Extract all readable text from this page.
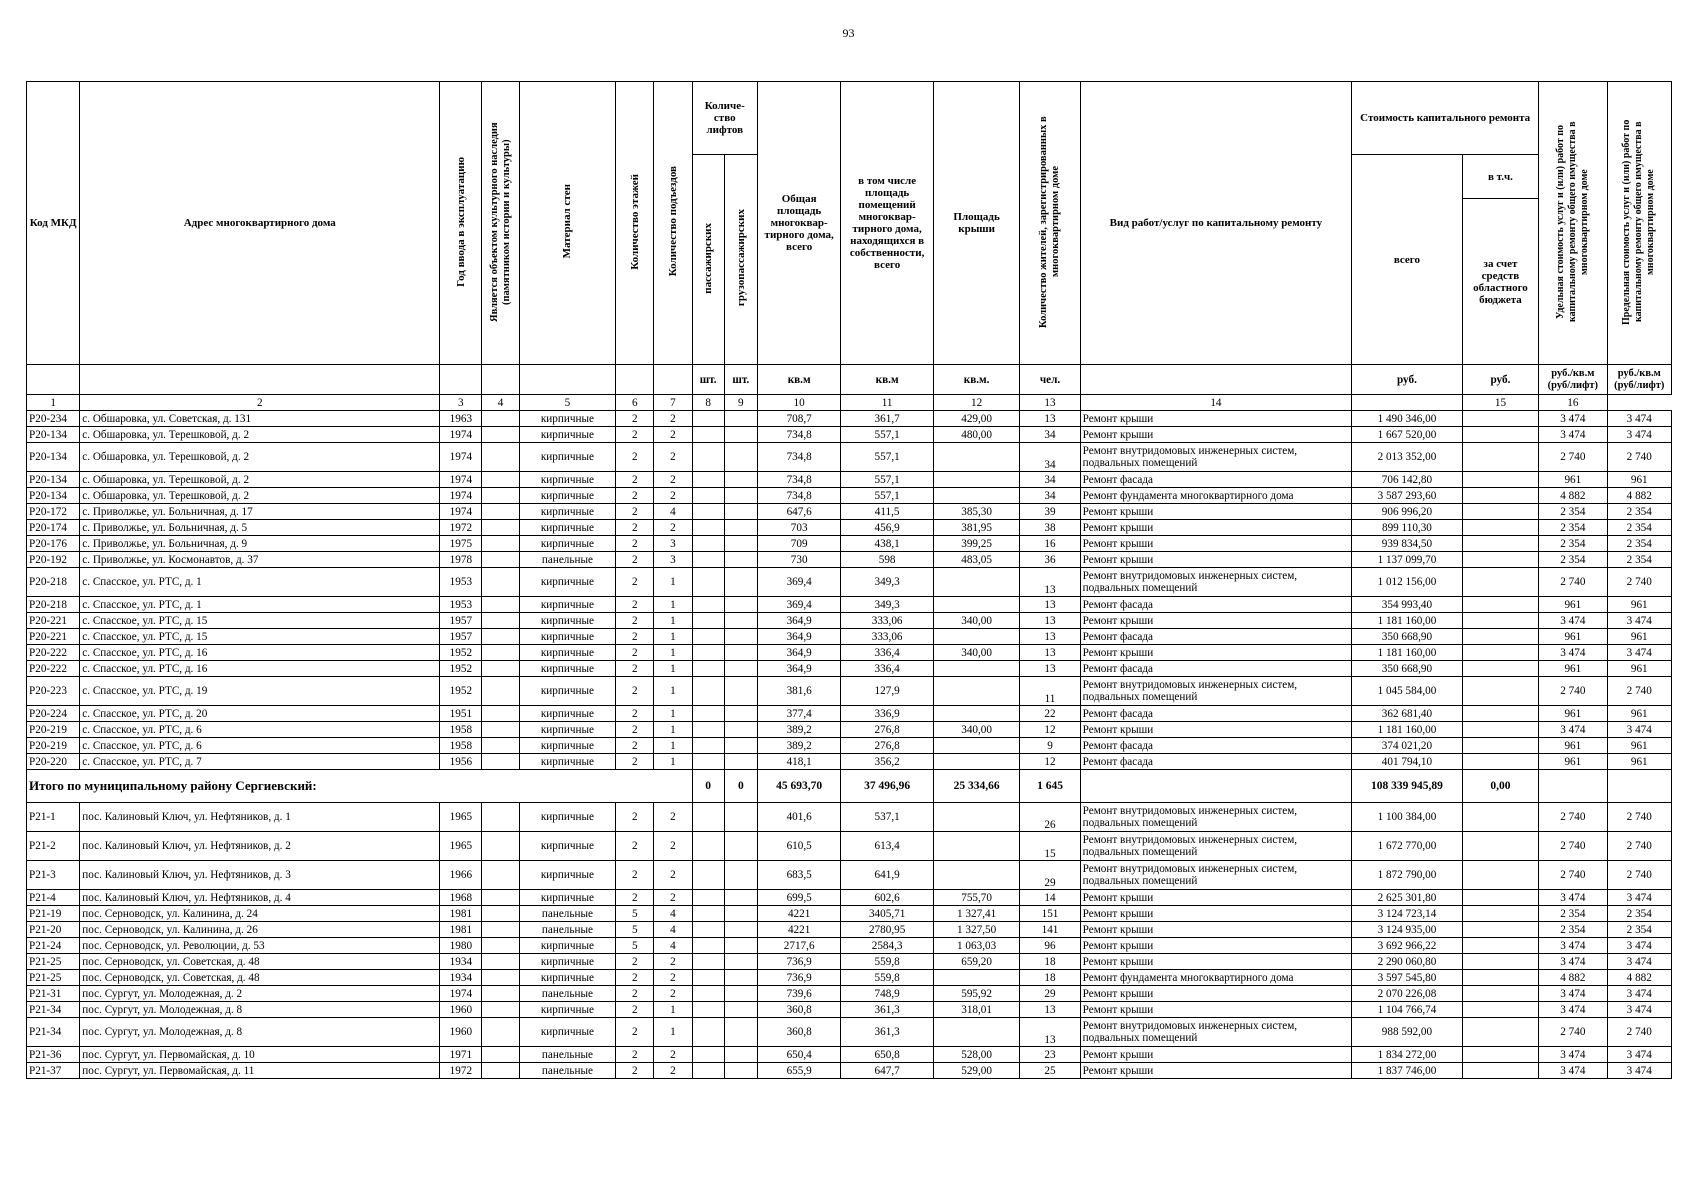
93
Код МКД	Адрес многоквартирного дома	Год ввода в эксплуатацию	Является объектом культурного наследия (памятником истории и культуры)	Материал стен	Количество этажей	Количество подъездов	Количе- ство лифтов		Общая площадь многоквар- тирного дома, всего	в том числе площадь помещений многоквар- тирного дома, находящихся в собственности, всего	Площадь крыши	Количество жителей, зарегистрированных в многоквартирном доме	Вид работ/услуг по капитальному ремонту	Стоимость капитального ремонта		Удельная стоимость услуг и (или) работ по капитальному ремонту общего имущества в многоквартирном доме	Предельная стоимость услуг и (или) работ по капитальному ремонту общего имущества в многоквартирном доме
							пассажирских	грузопассажирских						всего	в т.ч.		
															за счет средств областного бюджета		
							шт.	шт.	кв.м	кв.м	кв.м.	чел.		руб.	руб.	руб./кв.м (руб/лифт)	руб./кв.м (руб/лифт)
1	2	3	4	5	6	7	8	9	10	11	12	13	14		15	16	
Р20-234	с. Обшаровка, ул. Советская, д. 131	1963		кирпичные	2	2			708,7	361,7	429,00	13	Ремонт крыши	1 490 346,00		3 474	3 474
Р20-134	с. Обшаровка, ул. Терешковой, д. 2	1974		кирпичные	2	2			734,8	557,1	480,00	34	Ремонт крыши	1 667 520,00		3 474	3 474
Р20-134	с. Обшаровка, ул. Терешковой, д. 2	1974		кирпичные	2	2			734,8	557,1		34	Ремонт внутридомовых инженерных систем, подвальных помещений	2 013 352,00		2 740	2 740
Р20-134	с. Обшаровка, ул. Терешковой, д. 2	1974		кирпичные	2	2			734,8	557,1		34	Ремонт фасада	706 142,80		961	961
Р20-134	с. Обшаровка, ул. Терешковой, д. 2	1974		кирпичные	2	2			734,8	557,1		34	Ремонт фундамента многоквартирного дома	3 587 293,60		4 882	4 882
Р20-172	с. Приволжье, ул. Больничная, д. 17	1974		кирпичные	2	4			647,6	411,5	385,30	39	Ремонт крыши	906 996,20		2 354	2 354
Р20-174	с. Приволжье, ул. Больничная, д. 5	1972		кирпичные	2	2			703	456,9	381,95	38	Ремонт крыши	899 110,30		2 354	2 354
Р20-176	с. Приволжье, ул. Больничная, д. 9	1975		кирпичные	2	3			709	438,1	399,25	16	Ремонт крыши	939 834,50		2 354	2 354
Р20-192	с. Приволжье, ул. Космонавтов, д. 37	1978		панельные	2	3			730	598	483,05	36	Ремонт крыши	1 137 099,70		2 354	2 354
Р20-218	с. Спасское, ул. РТС, д. 1	1953		кирпичные	2	1			369,4	349,3		13	Ремонт внутридомовых инженерных систем, подвальных помещений	1 012 156,00		2 740	2 740
Р20-218	с. Спасское, ул. РТС, д. 1	1953		кирпичные	2	1			369,4	349,3		13	Ремонт фасада	354 993,40		961	961
Р20-221	с. Спасское, ул. РТС, д. 15	1957		кирпичные	2	1			364,9	333,06	340,00	13	Ремонт крыши	1 181 160,00		3 474	3 474
Р20-221	с. Спасское, ул. РТС, д. 15	1957		кирпичные	2	1			364,9	333,06		13	Ремонт фасада	350 668,90		961	961
Р20-222	с. Спасское, ул. РТС, д. 16	1952		кирпичные	2	1			364,9	336,4	340,00	13	Ремонт крыши	1 181 160,00		3 474	3 474
Р20-222	с. Спасское, ул. РТС, д. 16	1952		кирпичные	2	1			364,9	336,4		13	Ремонт фасада	350 668,90		961	961
Р20-223	с. Спасское, ул. РТС, д. 19	1952		кирпичные	2	1			381,6	127,9		11	Ремонт внутридомовых инженерных систем, подвальных помещений	1 045 584,00		2 740	2 740
Р20-224	с. Спасское, ул. РТС, д. 20	1951		кирпичные	2	1			377,4	336,9		22	Ремонт фасада	362 681,40		961	961
Р20-219	с. Спасское, ул. РТС, д. 6	1958		кирпичные	2	1			389,2	276,8	340,00	12	Ремонт крыши	1 181 160,00		3 474	3 474
Р20-219	с. Спасское, ул. РТС, д. 6	1958		кирпичные	2	1			389,2	276,8		9	Ремонт фасада	374 021,20		961	961
Р20-220	с. Спасское, ул. РТС, д. 7	1956		кирпичные	2	1			418,1	356,2		12	Ремонт фасада	401 794,10		961	961
Итого по муниципальному району Сергиевский:							0	0	45 693,70	37 496,96	25 334,66	1 645		108 339 945,89	0,00		
Р21-1	пос. Калиновый Ключ, ул. Нефтяников, д. 1	1965		кирпичные	2	2			401,6	537,1		26	Ремонт внутридомовых инженерных систем, подвальных помещений	1 100 384,00		2 740	2 740
Р21-2	пос. Калиновый Ключ, ул. Нефтяников, д. 2	1965		кирпичные	2	2			610,5	613,4		15	Ремонт внутридомовых инженерных систем, подвальных помещений	1 672 770,00		2 740	2 740
Р21-3	пос. Калиновый Ключ, ул. Нефтяников, д. 3	1966		кирпичные	2	2			683,5	641,9		29	Ремонт внутридомовых инженерных систем, подвальных помещений	1 872 790,00		2 740	2 740
Р21-4	пос. Калиновый Ключ, ул. Нефтяников, д. 4	1968		кирпичные	2	2			699,5	602,6	755,70	14	Ремонт крыши	2 625 301,80		3 474	3 474
Р21-19	пос. Серноводск, ул. Калинина, д. 24	1981		панельные	5	4			4221	3405,71	1 327,41	151	Ремонт крыши	3 124 723,14		2 354	2 354
Р21-20	пос. Серноводск, ул. Калинина, д. 26	1981		панельные	5	4			4221	2780,95	1 327,50	141	Ремонт крыши	3 124 935,00		2 354	2 354
Р21-24	пос. Серноводск, ул. Революции, д. 53	1980		кирпичные	5	4			2717,6	2584,3	1 063,03	96	Ремонт крыши	3 692 966,22		3 474	3 474
Р21-25	пос. Серноводск, ул. Советская, д. 48	1934		кирпичные	2	2			736,9	559,8	659,20	18	Ремонт крыши	2 290 060,80		3 474	3 474
Р21-25	пос. Серноводск, ул. Советская, д. 48	1934		кирпичные	2	2			736,9	559,8		18	Ремонт фундамента многоквартирного дома	3 597 545,80		4 882	4 882
Р21-31	пос. Сургут, ул. Молодежная, д. 2	1974		панельные	2	2			739,6	748,9	595,92	29	Ремонт крыши	2 070 226,08		3 474	3 474
Р21-34	пос. Сургут, ул. Молодежная, д. 8	1960		кирпичные	2	1			360,8	361,3	318,01	13	Ремонт крыши	1 104 766,74		3 474	3 474
Р21-34	пос. Сургут, ул. Молодежная, д. 8	1960		кирпичные	2	1			360,8	361,3		13	Ремонт внутридомовых инженерных систем, подвальных помещений	988 592,00		2 740	2 740
Р21-36	пос. Сургут, ул. Первомайская, д. 10	1971		панельные	2	2			650,4	650,8	528,00	23	Ремонт крыши	1 834 272,00		3 474	3 474
Р21-37	пос. Сургут, ул. Первомайская, д. 11	1972		панельные	2	2			655,9	647,7	529,00	25	Ремонт крыши	1 837 746,00		3 474	3 474
